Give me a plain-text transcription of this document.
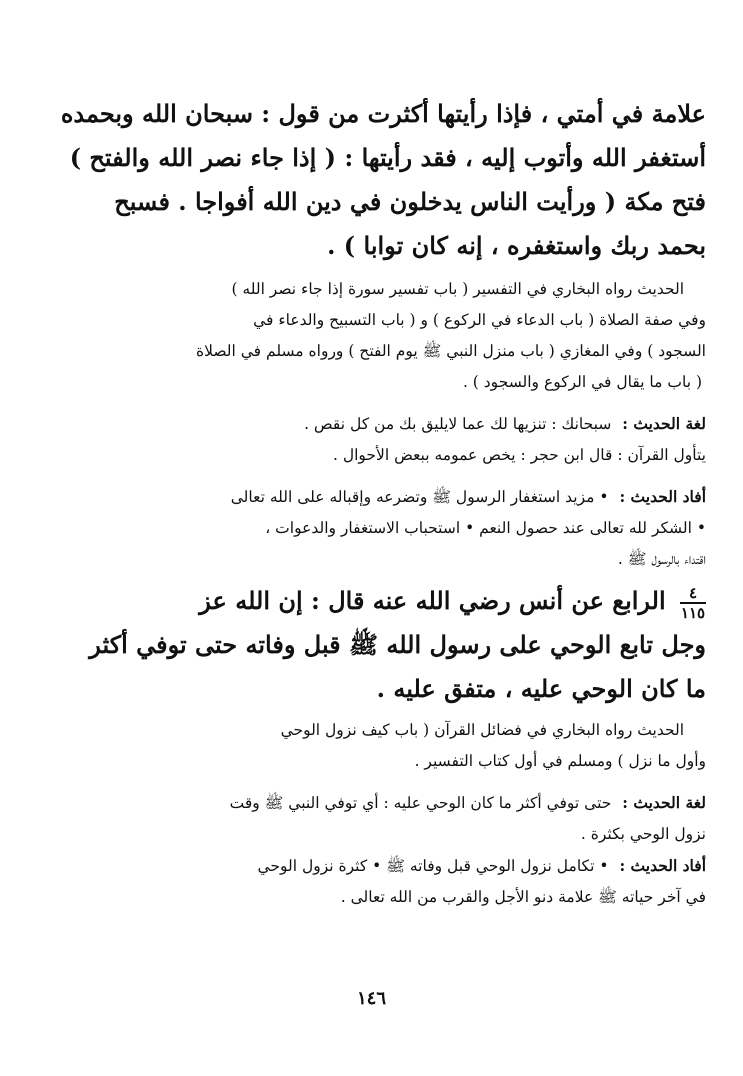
علامة في أمتي ، فإذا رأيتها أكثرت من قول : سبحان الله وبحمده
أستغفر الله وأتوب إليه ، فقد رأيتها : ( إذا جاء نصر الله والفتح )
فتح مكة ( ورأيت الناس يدخلون في دين الله أفواجا . فسبح
بحمد ربك واستغفره ، إنه كان توابا ) .
الحديث رواه البخاري في التفسير ( باب تفسير سورة إذا جاء نصر الله )
وفي صفة الصلاة ( باب الدعاء في الركوع ) و ( باب التسبيح والدعاء في
السجود ) وفي المغازي ( باب منزل النبي ﷺ يوم الفتح ) ورواه مسلم في الصلاة
( باب ما يقال في الركوع والسجود ) .
لغة الحديث : سبحانك : تنزيها لك عما لايليق بك من كل نقص .
يتأول القرآن : قال ابن حجر : يخص عمومه ببعض الأحوال .
أفاد الحديث : • مزيد استغفار الرسول ﷺ وتضرعه وإقباله على الله تعالى
• الشكر لله تعالى عند حصول النعم • استحباب الاستغفار والدعوات ،
اقتداء بالرسول ﷺ .
٤
١١٥
الرابع عن أنس رضي الله عنه قال : إن الله عز
وجل تابع الوحي على رسول الله ﷺ قبل وفاته حتى توفي أكثر
ما كان الوحي عليه ، متفق عليه .
الحديث رواه البخاري في فضائل القرآن ( باب كيف نزول الوحي
وأول ما نزل ) ومسلم في أول كتاب التفسير .
لغة الحديث : حتى توفي أكثر ما كان الوحي عليه : أي توفي النبي ﷺ وقت
نزول الوحي بكثرة .
أفاد الحديث : • تكامل نزول الوحي قبل وفاته ﷺ • كثرة نزول الوحي
في آخر حياته ﷺ علامة دنو الأجل والقرب من الله تعالى .
١٤٦
